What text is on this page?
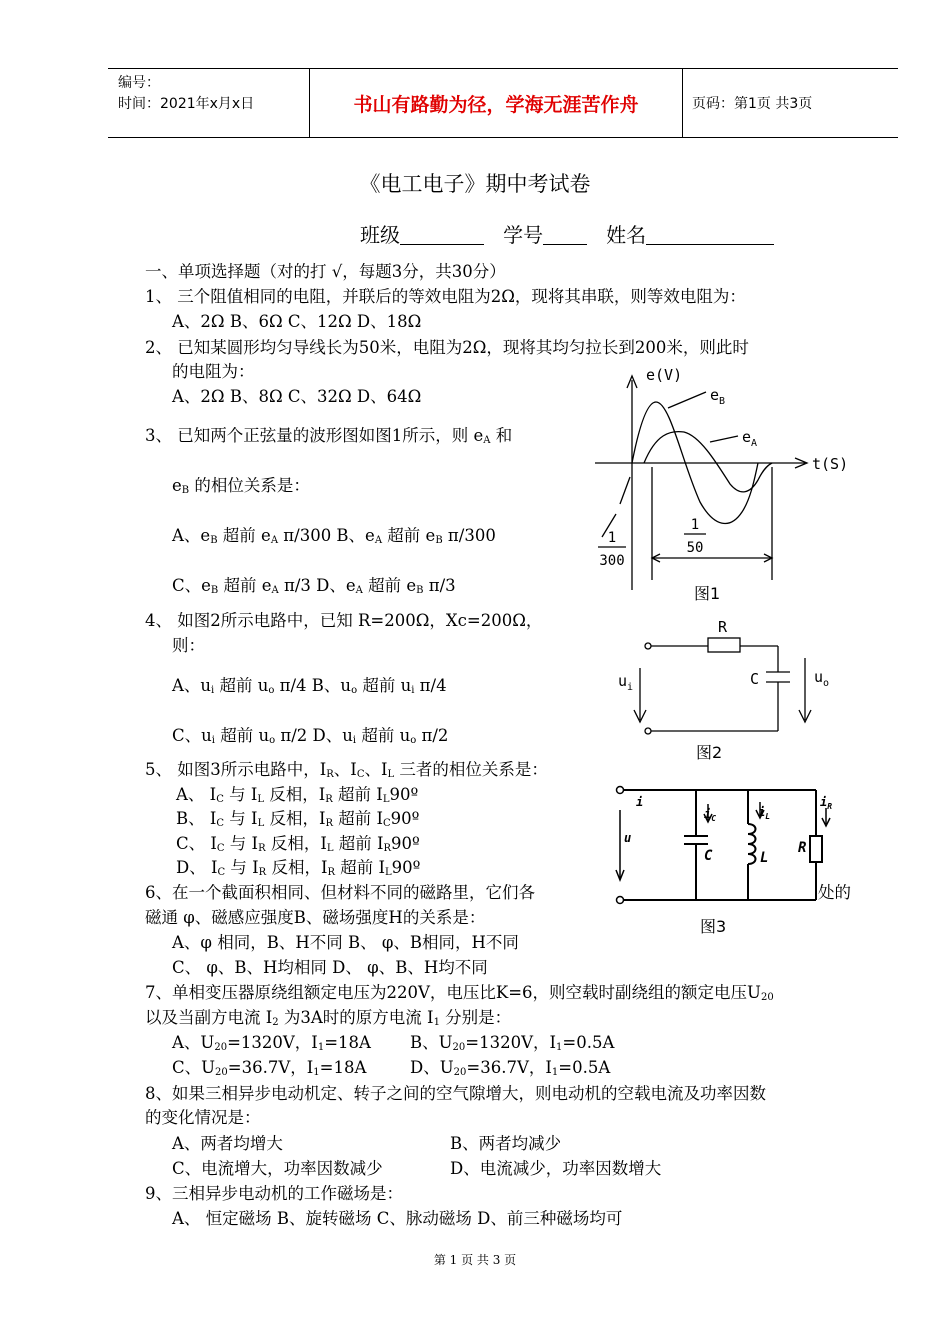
编号：
时间：2021年x月x日	书山有路勤为径，学海无涯苦作舟	页码：第1页 共3页
《电工电子》期中考试卷
班级	学号	姓名
一、单项选择题（对的打 √，每题3分，共30分）
1、 三个阻值相同的电阻，并联后的等效电阻为2Ω，现将其串联，则等效电阻为：
A、2Ω B、6Ω C、12Ω D、18Ω
2、 已知某圆形均匀导线长为50米，电阻为2Ω，现将其均匀拉长到200米，则此时
的电阻为：
A、2Ω B、8Ω C、32Ω D、64Ω
3、 已知两个正弦量的波形图如图1所示，则 $e_A$ 和
$e_B$ 的相位关系是：
A、$e_B$ 超前 $e_A$ π/300 B、$e_A$ 超前 $e_B$ π/300
C、$e_B$ 超前 $e_A$ π/3 D、$e_A$ 超前 $e_B$ π/3
4、 如图2所示电路中，已知 R=200Ω，Xc=200Ω，
则：
A、$u_i$ 超前 $u_o$ π/4 B、$u_o$ 超前 $u_i$ π/4
C、$u_i$ 超前 $u_o$ π/2 D、$u_i$ 超前 $u_o$ π/2
5、 如图3所示电路中，$I_R$、$I_C$、$I_L$ 三者的相位关系是：
A、 $I_C$ 与 $I_L$ 反相，$I_R$ 超前 $I_L90º$
B、 $I_C$ 与 $I_L$ 反相，$I_R$ 超前 $I_C90º$
C、 $I_C$ 与 $I_R$ 反相，$I_L$ 超前 $I_R90º$
D、 $I_C$ 与 $I_R$ 反相，$I_R$ 超前 $I_L90º$
6、在一个截面积相同、但材料不同的磁路里，它们各	处的
磁通 φ、磁感应强度B、磁场强度H的关系是：
A、φ 相同，B、H不同 B、 φ、B相同，H不同
C、 φ、B、H均相同 D、 φ、B、H均不同
7、单相变压器原绕组额定电压为220V，电压比K=6，则空载时副绕组的额定电压$U_{20}$
以及当副方电流 $I_2$ 为3A时的原方电流 $I_1$ 分别是：
A、$U_{20}=1320V$，$I_1=18A$ B、$U_{20}=1320V$，$I_1=0.5A$
C、$U_{20}=36.7V$，$I_1=18A$	D、$U_{20}=36.7V$，$I_1=0.5A$
8、如果三相异步电动机定、转子之间的空气隙增大，则电动机的空载电流及功率因数
的变化情况是：
A、两者均增大	B、两者均减少
C、电流增大，功率因数减少	D、电流减少，功率因数增大
9、三相异步电动机的工作磁场是：
A、 恒定磁场 B、旋转磁场 C、脉动磁场 D、前三种磁场均可
e(V)
t(S)
$e_B$
$e_A$
1
300
1
50
图1
R
C
$u_i$
$u_o$
图2
i
u
$i_C$	$i_L$
$i_R$
C	L
R
图3
第 1 页 共 3 页
